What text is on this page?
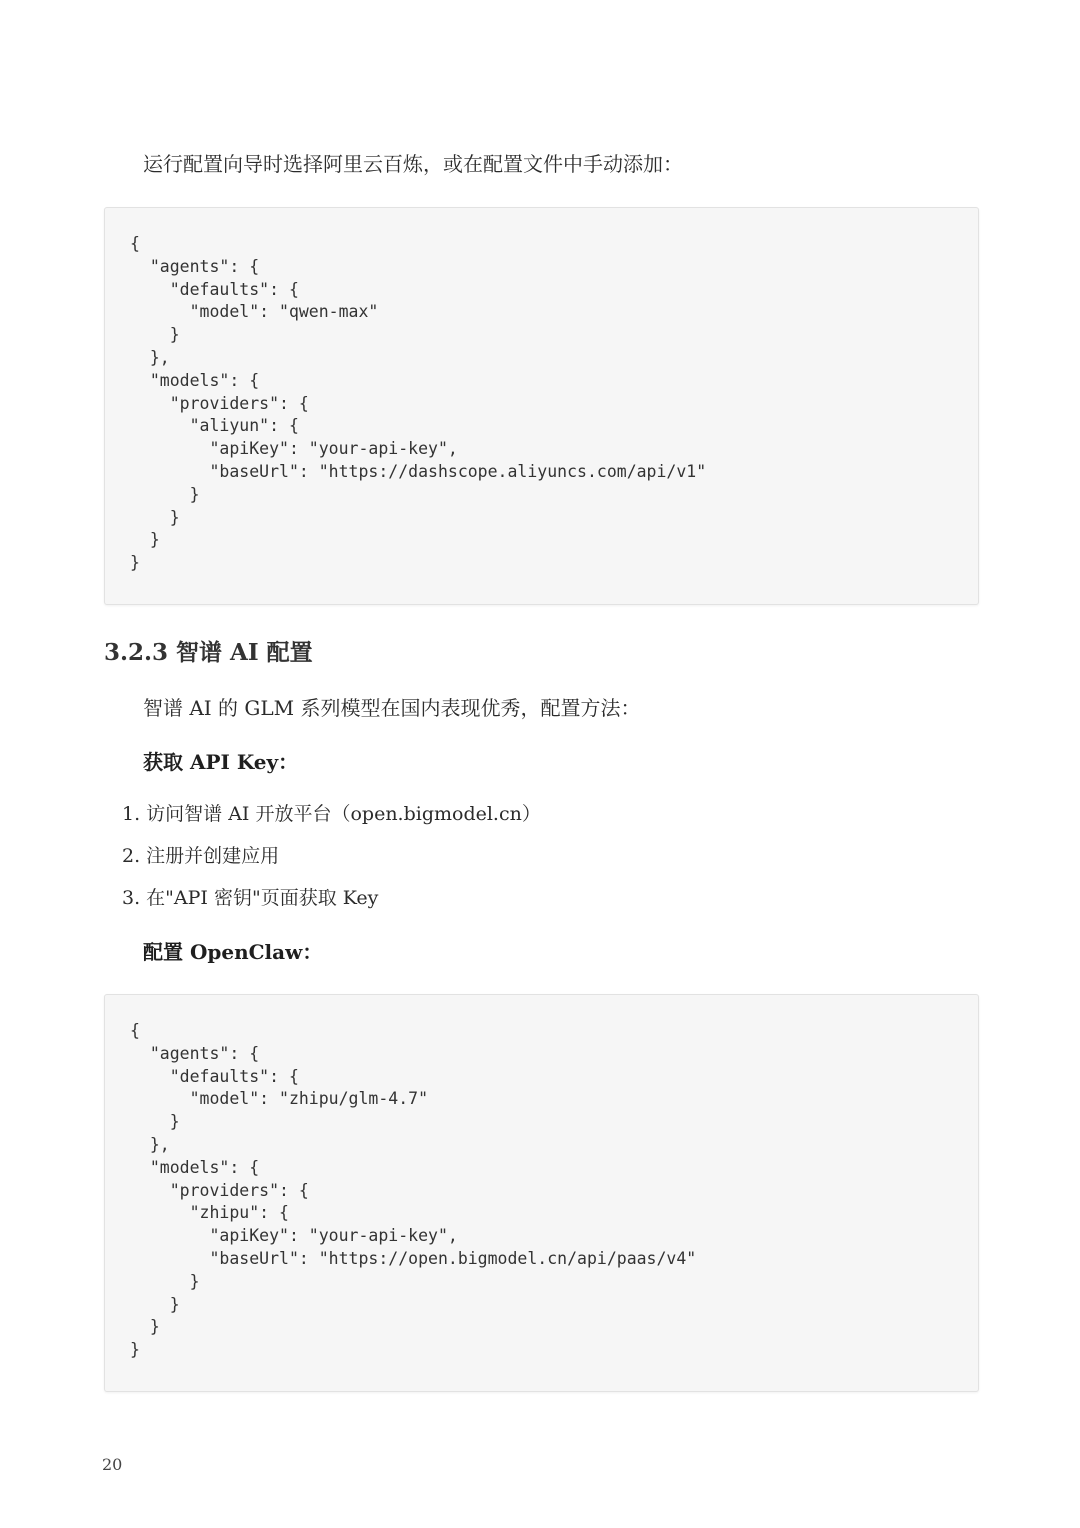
运行配置向导时选择阿里云百炼，或在配置文件中手动添加：

{
"agents": {
"defaults": {
"model": "qwen-max"
}
},
"models": {
"providers": {
"aliyun": {
"apiKey": "your-api-key",
"baseUrl": "https://dashscope.aliyuncs.com/api/v1"
}
}
}
}
3.2.3 智谱 AI 配置

智谱 AI 的 GLM 系列模型在国内表现优秀，配置方法：

获取 API Key：

1. 访问智谱 AI 开放平台（open.bigmodel.cn）
2. 注册并创建应用
3. 在"API 密钥"页面获取 Key

配置 OpenClaw：

{
"agents": {
"defaults": {
"model": "zhipu/glm-4.7"
}
},
"models": {
"providers": {
"zhipu": {
"apiKey": "your-api-key",
"baseUrl": "https://open.bigmodel.cn/api/paas/v4"
}
}
}
}
20
